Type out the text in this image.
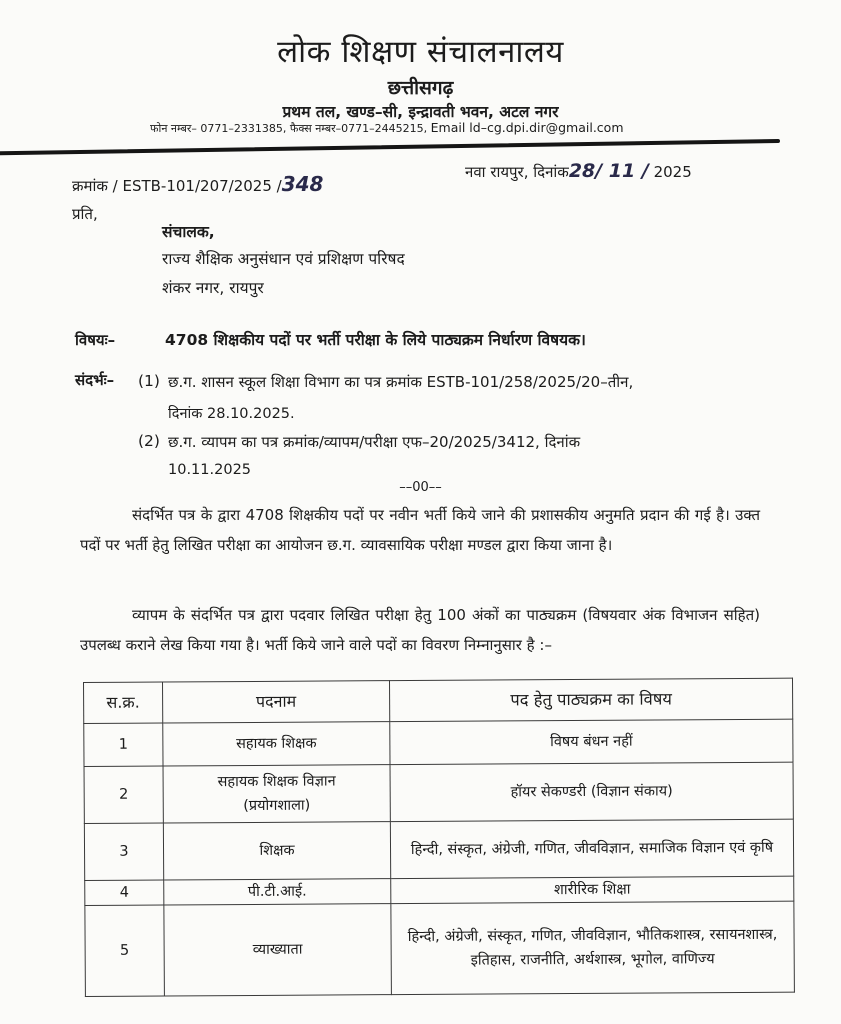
लोक शिक्षण संचालनालय
छत्तीसगढ़
प्रथम तल, खण्ड–सी, इन्द्रावती भवन, अटल नगर
फोन नम्बर– 0771–2331385, फैक्स नम्बर–0771–2445215, Email ld–cg.dpi.dir@gmail.com
क्रमांक / ESTB-101/207/2025 /348	नवा रायपुर, दिनांक28/ 11 / 2025
प्रति,
संचालक,
राज्य शैक्षिक अनुसंधान एवं प्रशिक्षण परिषद
शंकर नगर, रायपुर
विषयः–	4708 शिक्षकीय पदों पर भर्ती परीक्षा के लिये पाठ्यक्रम निर्धारण विषयक।
संदर्भः– (1) छ.ग. शासन स्कूल शिक्षा विभाग का पत्र क्रमांक ESTB-101/258/2025/20–तीन,
दिनांक 28.10.2025.
(2) छ.ग. व्यापम का पत्र क्रमांक/व्यापम/परीक्षा एफ–20/2025/3412, दिनांक
10.11.2025
––00––
संदर्भित पत्र के द्वारा 4708 शिक्षकीय पदों पर नवीन भर्ती किये जाने की प्रशासकीय अनुमति प्रदान की गई है। उक्त पदों पर भर्ती हेतु लिखित परीक्षा का आयोजन छ.ग. व्यावसायिक परीक्षा मण्डल द्वारा किया जाना है।
व्यापम के संदर्भित पत्र द्वारा पदवार लिखित परीक्षा हेतु 100 अंकों का पाठ्यक्रम (विषयवार अंक विभाजन सहित) उपलब्ध कराने लेख किया गया है। भर्ती किये जाने वाले पदों का विवरण निम्नानुसार है :–
स.क्र.	पदनाम	पद हेतु पाठ्यक्रम का विषय
1	सहायक शिक्षक	विषय बंधन नहीं
2	सहायक शिक्षक विज्ञान
(प्रयोगशाला)	हॉयर सेकण्डरी (विज्ञान संकाय)
3	शिक्षक	हिन्दी, संस्कृत, अंग्रेजी, गणित, जीवविज्ञान, समाजिक विज्ञान एवं कृषि
4	पी.टी.आई.	शारीरिक शिक्षा
5	व्याख्याता	हिन्दी, अंग्रेजी, संस्कृत, गणित, जीवविज्ञान, भौतिकशास्त्र, रसायनशास्त्र, इतिहास, राजनीति, अर्थशास्त्र, भूगोल, वाणिज्य
